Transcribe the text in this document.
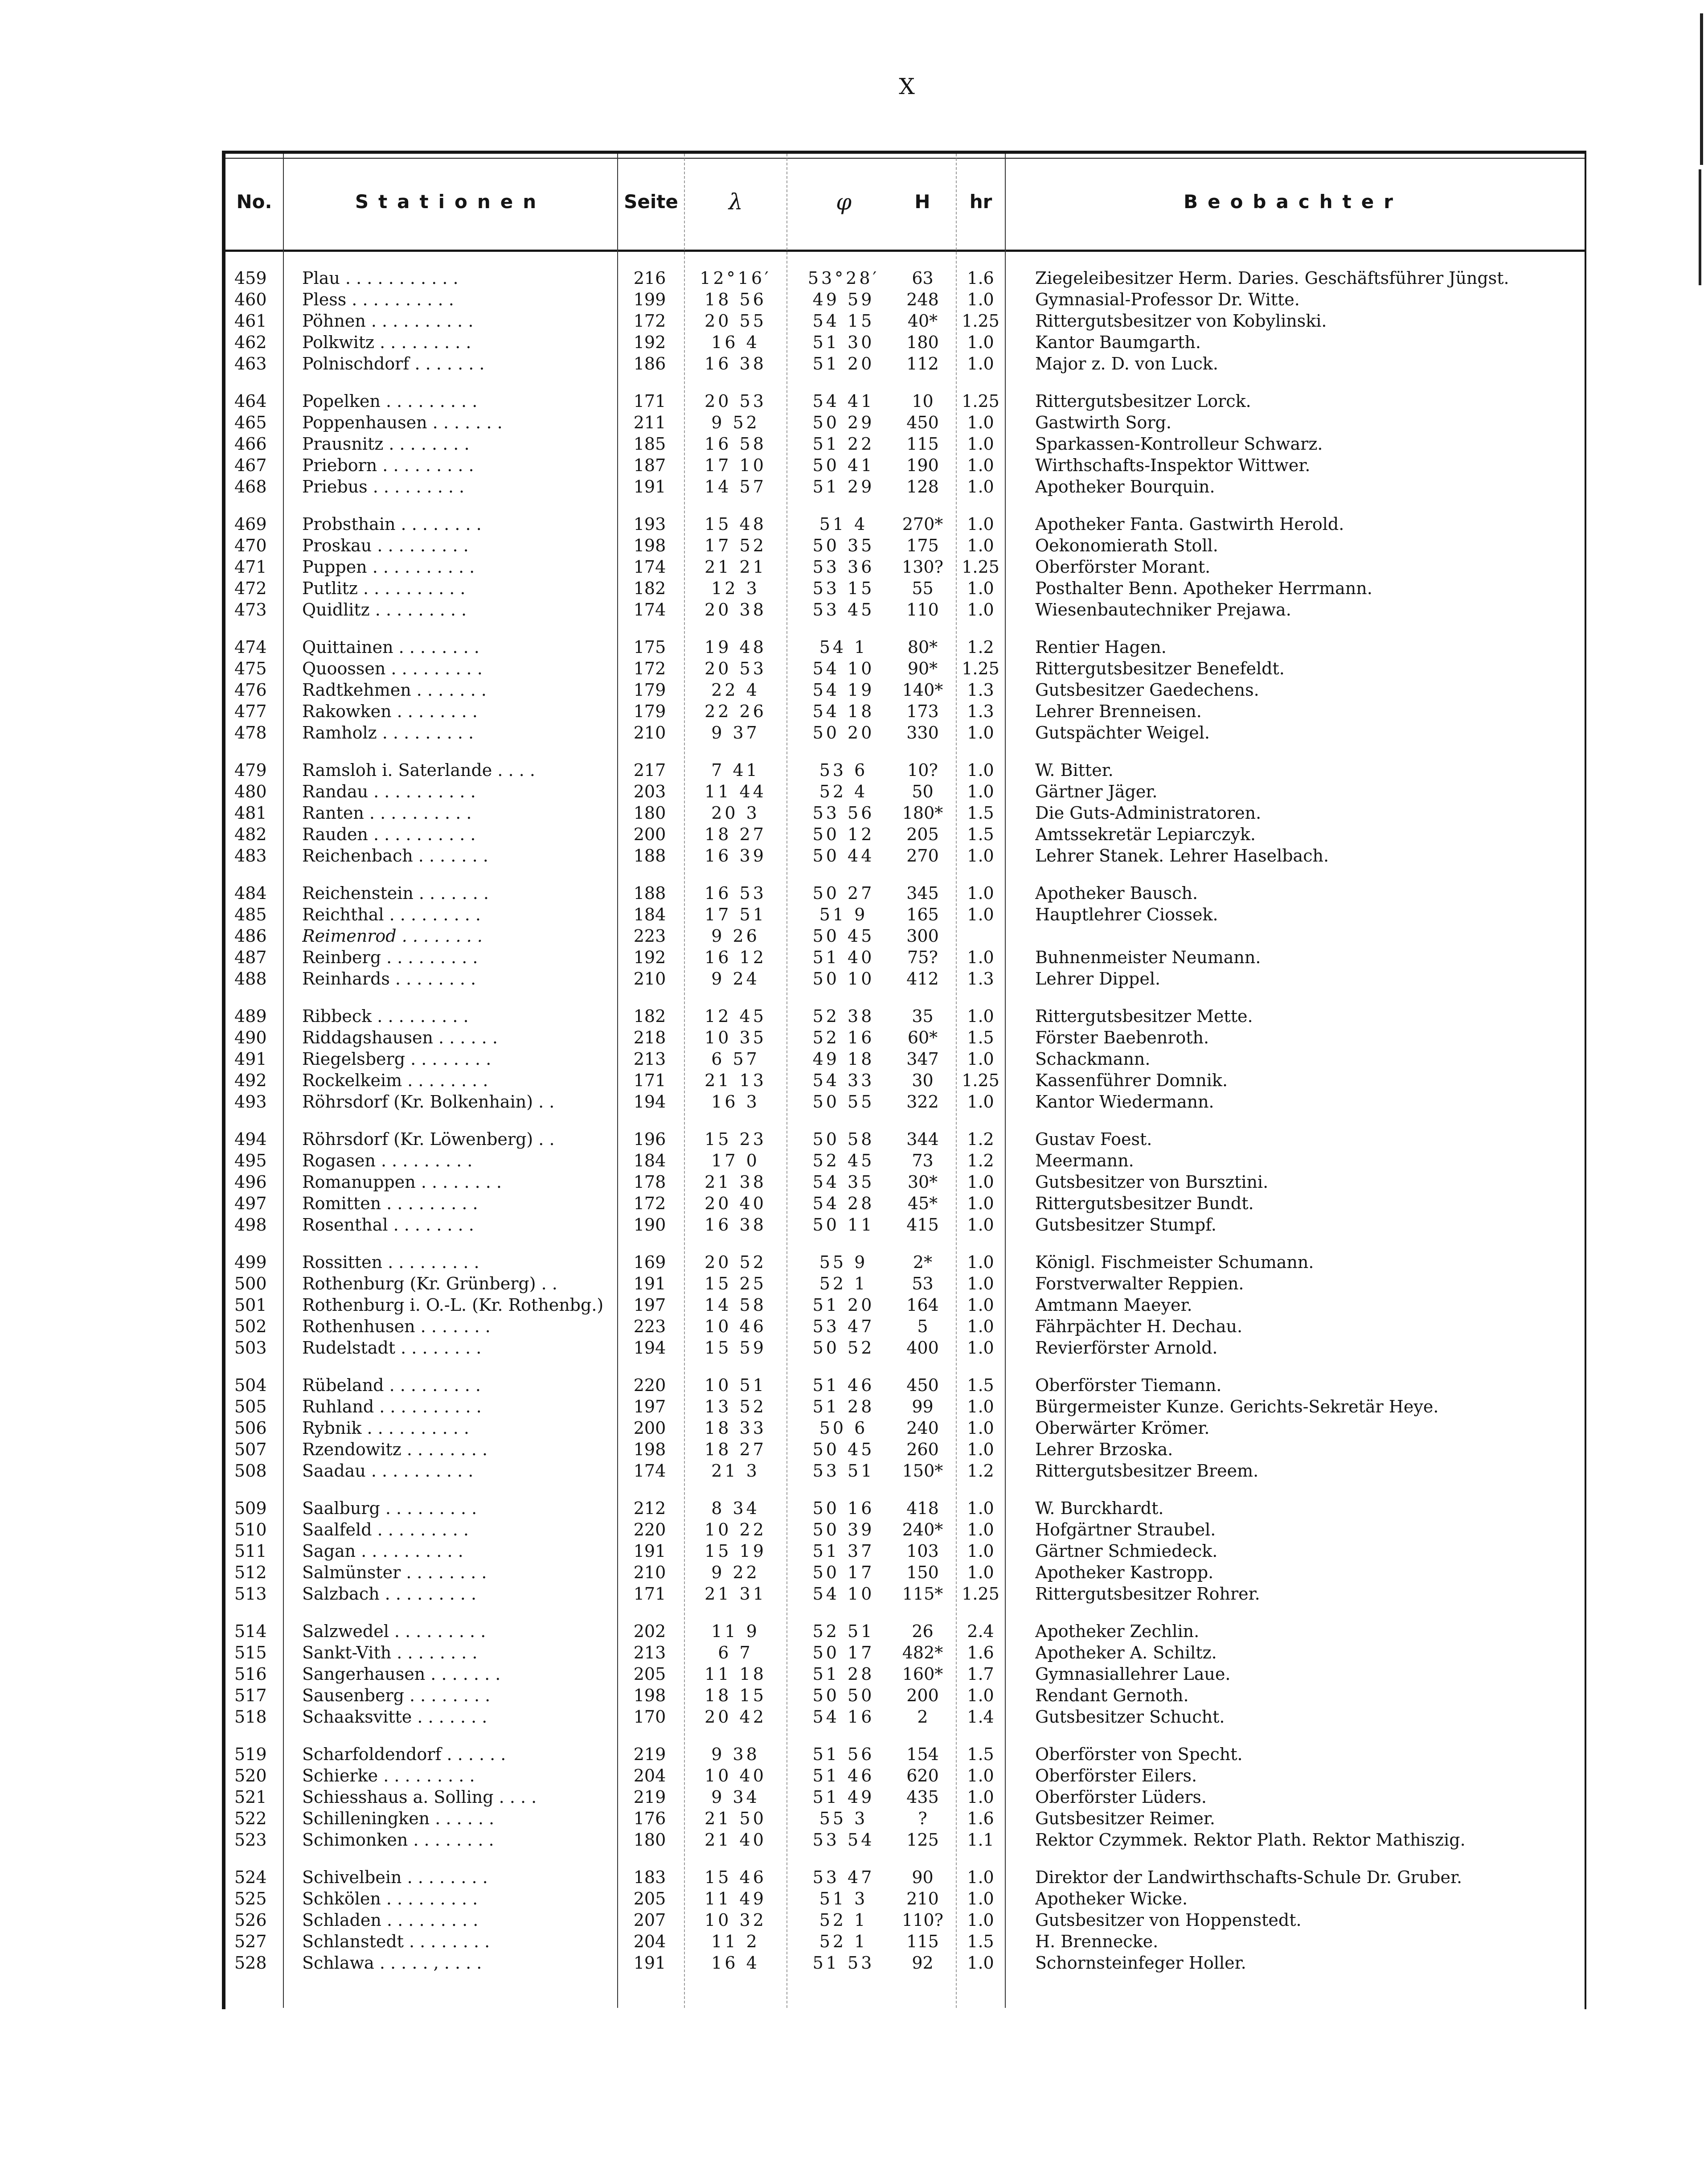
X
No.	Stationen	Seite	λ	φ	H	hr	Beobachter
459	Plau . . . . . . . . . . .	216	12°16′	53°28′	63	1.6	Ziegeleibesitzer Herm. Daries. Geschäftsführer Jüngst.
460	Pless . . . . . . . . . .	199	18 56	49 59	248	1.0	Gymnasial-Professor Dr. Witte.
461	Pöhnen . . . . . . . . . .	172	20 55	54 15	40*	1.25 Rittergutsbesitzer von Kobylinski.
462	Polkwitz . . . . . . . . .	192	16 4	51 30	180	1.0	Kantor Baumgarth.
463	Polnischdorf . . . . . . .	186	16 38	51 20	112	1.0	Major z. D. von Luck.
464	Popelken . . . . . . . . .	171	20 53	54 41	10	1.25 Rittergutsbesitzer Lorck.
465	Poppenhausen . . . . . . .	211	9 52	50 29	450	1.0	Gastwirth Sorg.
466	Prausnitz . . . . . . . .	185	16 58	51 22	115	1.0	Sparkassen-Kontrolleur Schwarz.
467	Prieborn . . . . . . . . .	187	17 10	50 41	190	1.0	Wirthschafts-Inspektor Wittwer.
468	Priebus . . . . . . . . .	191	14 57	51 29	128	1.0	Apotheker Bourquin.
469	Probsthain . . . . . . . .	193	15 48	51 4	270*	1.0	Apotheker Fanta. Gastwirth Herold.
470	Proskau . . . . . . . . .	198	17 52	50 35	175	1.0	Oekonomierath Stoll.
471	Puppen . . . . . . . . . .	174	21 21	53 36	130?	1.25 Oberförster Morant.
472	Putlitz . . . . . . . . . .	182	12 3	53 15	55	1.0	Posthalter Benn. Apotheker Herrmann.
473	Quidlitz . . . . . . . . .	174	20 38	53 45	110	1.0	Wiesenbautechniker Prejawa.
474	Quittainen . . . . . . . .	175	19 48	54 1	80*	1.2	Rentier Hagen.
475	Quoossen . . . . . . . . .	172	20 53	54 10	90*	1.25 Rittergutsbesitzer Benefeldt.
476	Radtkehmen . . . . . . .	179	22 4	54 19	140*	1.3	Gutsbesitzer Gaedechens.
477	Rakowken . . . . . . . .	179	22 26	54 18	173	1.3	Lehrer Brenneisen.
478	Ramholz . . . . . . . . .	210	9 37	50 20	330	1.0	Gutspächter Weigel.
479	Ramsloh i. Saterlande . . . .	217	7 41	53 6	10?	1.0	W. Bitter.
480	Randau . . . . . . . . . .	203	11 44	52 4	50	1.0	Gärtner Jäger.
481	Ranten . . . . . . . . . .	180	20 3	53 56	180*	1.5	Die Guts-Administratoren.
482	Rauden . . . . . . . . . .	200	18 27	50 12	205	1.5	Amtssekretär Lepiarczyk.
483	Reichenbach . . . . . . .	188	16 39	50 44	270	1.0	Lehrer Stanek. Lehrer Haselbach.
484	Reichenstein . . . . . . .	188	16 53	50 27	345	1.0	Apotheker Bausch.
485	Reichthal . . . . . . . . .	184	17 51	51 9	165	1.0	Hauptlehrer Ciossek.
486	Reimenrod . . . . . . . .	223	9 26	50 45	300
487	Reinberg . . . . . . . . .	192	16 12	51 40	75?	1.0	Buhnenmeister Neumann.
488	Reinhards . . . . . . . .	210	9 24	50 10	412	1.3	Lehrer Dippel.
489	Ribbeck . . . . . . . . .	182	12 45	52 38	35	1.0	Rittergutsbesitzer Mette.
490	Riddagshausen . . . . . .	218	10 35	52 16	60*	1.5	Förster Baebenroth.
491	Riegelsberg . . . . . . . .	213	6 57	49 18	347	1.0	Schackmann.
492	Rockelkeim . . . . . . . .	171	21 13	54 33	30	1.25 Kassenführer Domnik.
493	Röhrsdorf (Kr. Bolkenhain) . .	194	16 3	50 55	322	1.0	Kantor Wiedermann.
494	Röhrsdorf (Kr. Löwenberg) . .	196	15 23	50 58	344	1.2	Gustav Foest.
495	Rogasen . . . . . . . . .	184	17 0	52 45	73	1.2	Meermann.
496	Romanuppen . . . . . . . .	178	21 38	54 35	30*	1.0	Gutsbesitzer von Bursztini.
497	Romitten . . . . . . . . .	172	20 40	54 28	45*	1.0	Rittergutsbesitzer Bundt.
498	Rosenthal . . . . . . . .	190	16 38	50 11	415	1.0	Gutsbesitzer Stumpf.
499	Rossitten . . . . . . . . .	169	20 52	55 9	2*	1.0	Königl. Fischmeister Schumann.
500	Rothenburg (Kr. Grünberg) . .	191	15 25	52 1	53	1.0	Forstverwalter Reppien.
501	Rothenburg i. O.-L. (Kr. Rothenbg.)	197	14 58	51 20	164	1.0	Amtmann Maeyer.
502	Rothenhusen . . . . . . .	223	10 46	53 47	5	1.0	Fährpächter H. Dechau.
503	Rudelstadt . . . . . . . .	194	15 59	50 52	400	1.0	Revierförster Arnold.
504	Rübeland . . . . . . . . .	220	10 51	51 46	450	1.5	Oberförster Tiemann.
505	Ruhland . . . . . . . . . .	197	13 52	51 28	99	1.0	Bürgermeister Kunze. Gerichts-Sekretär Heye.
506	Rybnik . . . . . . . . . .	200	18 33	50 6	240	1.0	Oberwärter Krömer.
507	Rzendowitz . . . . . . . .	198	18 27	50 45	260	1.0	Lehrer Brzoska.
508	Saadau . . . . . . . . . .	174	21 3	53 51	150*	1.2	Rittergutsbesitzer Breem.
509	Saalburg . . . . . . . . .	212	8 34	50 16	418	1.0	W. Burckhardt.
510	Saalfeld . . . . . . . . .	220	10 22	50 39	240*	1.0	Hofgärtner Straubel.
511	Sagan . . . . . . . . . .	191	15 19	51 37	103	1.0	Gärtner Schmiedeck.
512	Salmünster . . . . . . . .	210	9 22	50 17	150	1.0	Apotheker Kastropp.
513	Salzbach . . . . . . . . .	171	21 31	54 10	115*	1.25 Rittergutsbesitzer Rohrer.
514	Salzwedel . . . . . . . . .	202	11 9	52 51	26	2.4	Apotheker Zechlin.
515	Sankt-Vith . . . . . . . .	213	6 7	50 17	482*	1.6	Apotheker A. Schiltz.
516	Sangerhausen . . . . . . .	205	11 18	51 28	160*	1.7	Gymnasiallehrer Laue.
517	Sausenberg . . . . . . . .	198	18 15	50 50	200	1.0	Rendant Gernoth.
518	Schaaksvitte . . . . . . .	170	20 42	54 16	2	1.4	Gutsbesitzer Schucht.
519	Scharfoldendorf . . . . . .	219	9 38	51 56	154	1.5	Oberförster von Specht.
520	Schierke . . . . . . . . .	204	10 40	51 46	620	1.0	Oberförster Eilers.
521	Schiesshaus a. Solling . . . .	219	9 34	51 49	435	1.0	Oberförster Lüders.
522	Schilleningken . . . . . .	176	21 50	55 3	?	1.6	Gutsbesitzer Reimer.
523	Schimonken . . . . . . . .	180	21 40	53 54	125	1.1	Rektor Czymmek. Rektor Plath. Rektor Mathiszig.
524	Schivelbein . . . . . . . .	183	15 46	53 47	90	1.0	Direktor der Landwirthschafts-Schule Dr. Gruber.
525	Schkölen . . . . . . . . .	205	11 49	51 3	210	1.0	Apotheker Wicke.
526	Schladen . . . . . . . . .	207	10 32	52 1	110?	1.0	Gutsbesitzer von Hoppenstedt.
527	Schlanstedt . . . . . . . .	204	11 2	52 1	115	1.5	H. Brennecke.
528	Schlawa . . . . . , . . . .	191	16 4	51 53	92	1.0	Schornsteinfeger Holler.
